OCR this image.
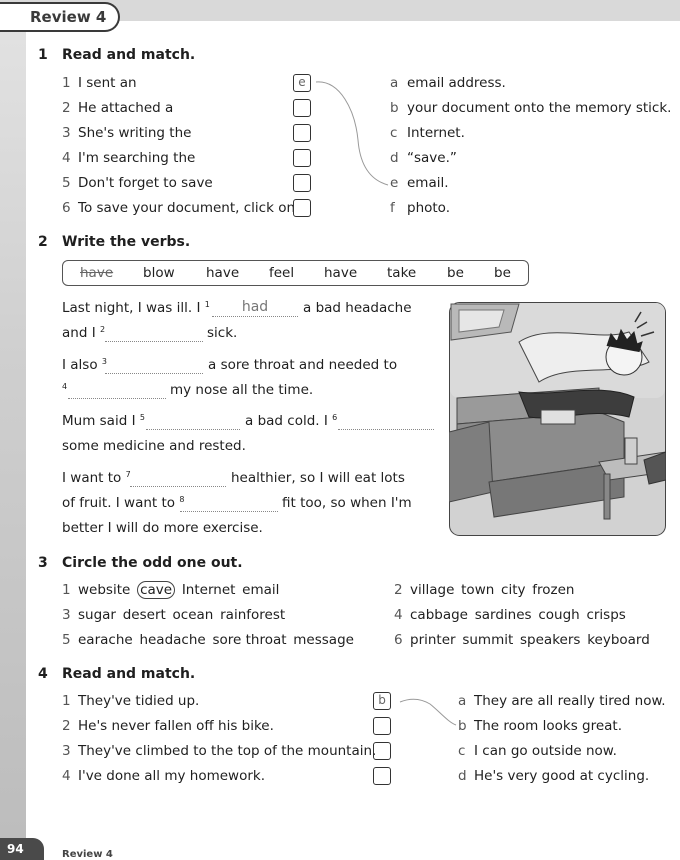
Review 4
1 Read and match.
1 I sent an	e
2 He attached a
3 She's writing the
4 I'm searching the
5 Don't forget to save
6 To save your document, click on
a email address.
b your document onto the memory stick.
c Internet.
d “save.”
e email.
f photo.
2 Write the verbs.
have blow have feel have take be be
Last night, I was ill. I $^1$	had	a bad headache
and I $^2$	sick.
I also $^3$	a sore throat and needed to
$^4$	my nose all the time.
Mum said I $^5$	a bad cold. I $^6$
some medicine and rested.
I want to $^7$	healthier, so I will eat lots
of fruit. I want to $^8$	fit too, so when I'm
better I will do more exercise.
3 Circle the odd one out.
1 website  cave  Internet  email	2 village  town  city  frozen
3 sugar  desert  ocean  rainforest	4 cabbage  sardines  cough  crisps
5 earache  headache  sore throat  message	6 printer  summit  speakers  keyboard
4 Read and match.
1 They've tidied up.	b
2 He's never fallen off his bike.
3 They've climbed to the top of the mountain.
4 I've done all my homework.
a They are all really tired now.
b The room looks great.
c I can go outside now.
d He's very good at cycling.
94	Review 4
